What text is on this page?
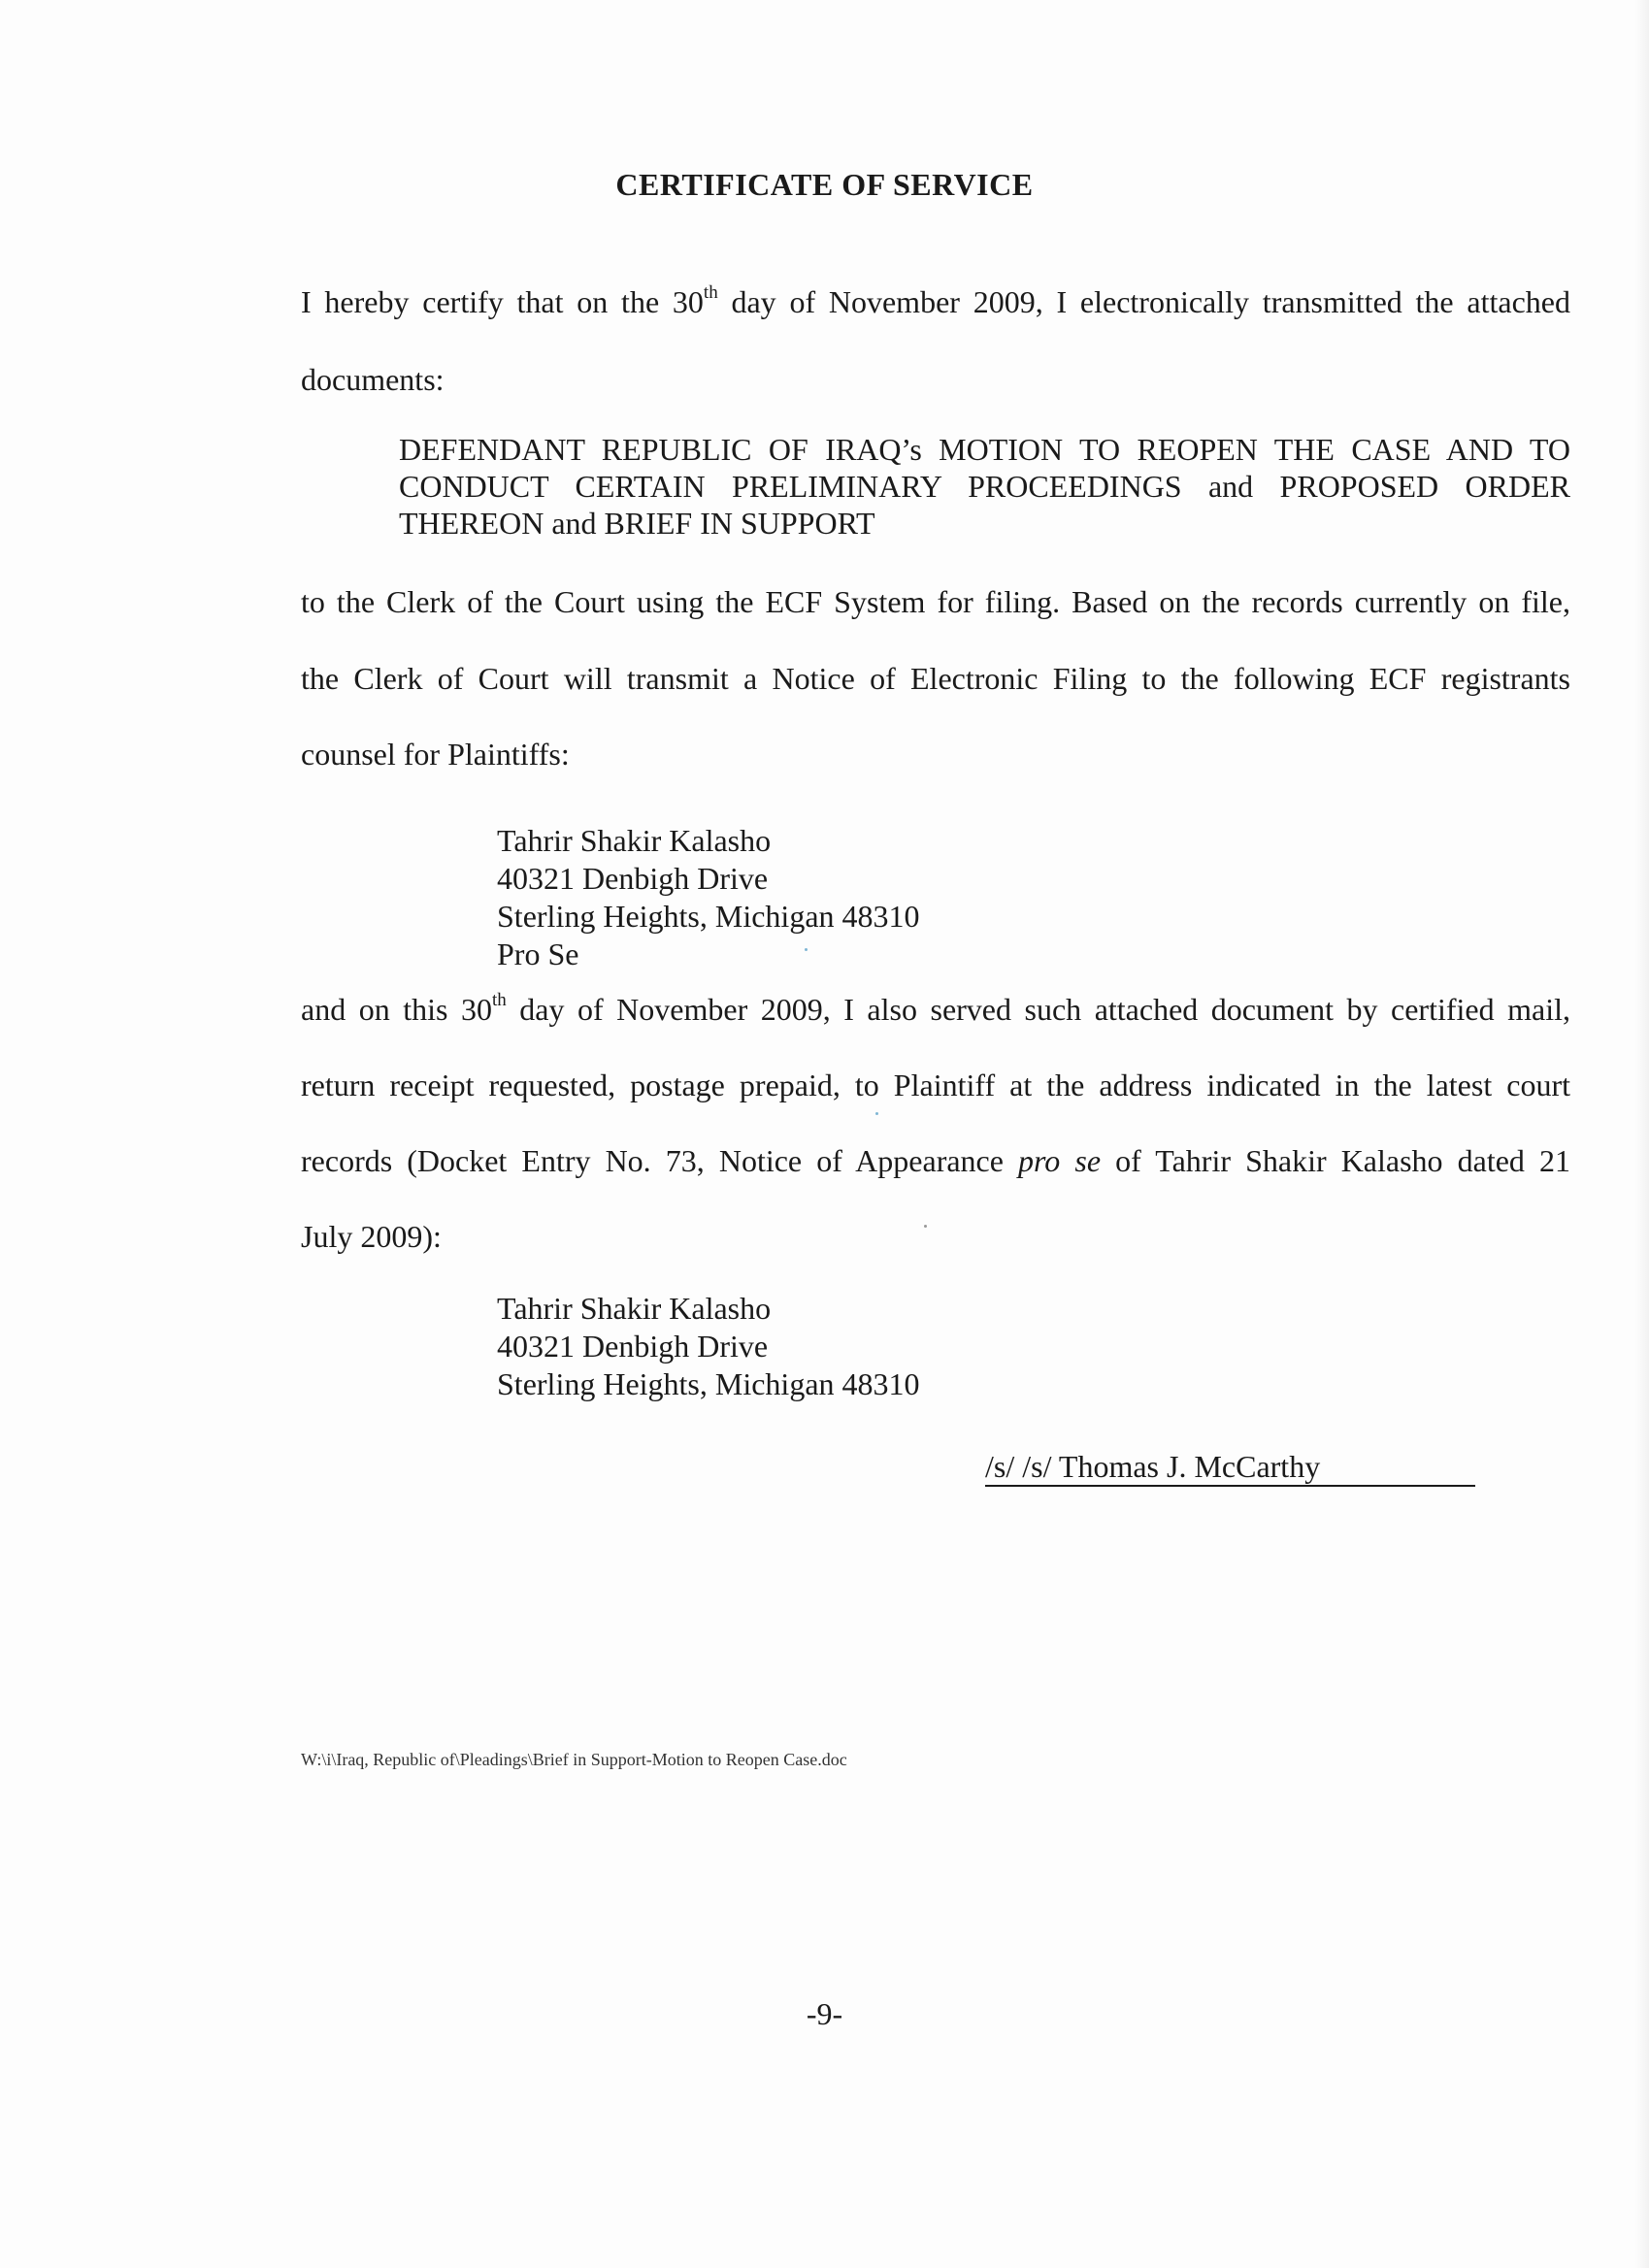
CERTIFICATE OF SERVICE
I hereby certify that on the 30th day of November 2009, I electronically transmitted the attached
documents:
DEFENDANT REPUBLIC OF IRAQ’s MOTION TO REOPEN THE CASE AND TO
CONDUCT CERTAIN PRELIMINARY PROCEEDINGS and PROPOSED ORDER
THEREON and BRIEF IN SUPPORT
to the Clerk of the Court using the ECF System for filing. Based on the records currently on file,
the Clerk of Court will transmit a Notice of Electronic Filing to the following ECF registrants
counsel for Plaintiffs:
Tahrir Shakir Kalasho
40321 Denbigh Drive
Sterling Heights, Michigan 48310
Pro Se
and on this 30th day of November 2009, I also served such attached document by certified mail,
return receipt requested, postage prepaid, to Plaintiff at the address indicated in the latest court
records (Docket Entry No. 73, Notice of Appearance pro se of Tahrir Shakir Kalasho dated 21
July 2009):
Tahrir Shakir Kalasho
40321 Denbigh Drive
Sterling Heights, Michigan 48310
/s/ /s/ Thomas J. McCarthy
W:\i\Iraq, Republic of\Pleadings\Brief in Support-Motion to Reopen Case.doc
-9-
